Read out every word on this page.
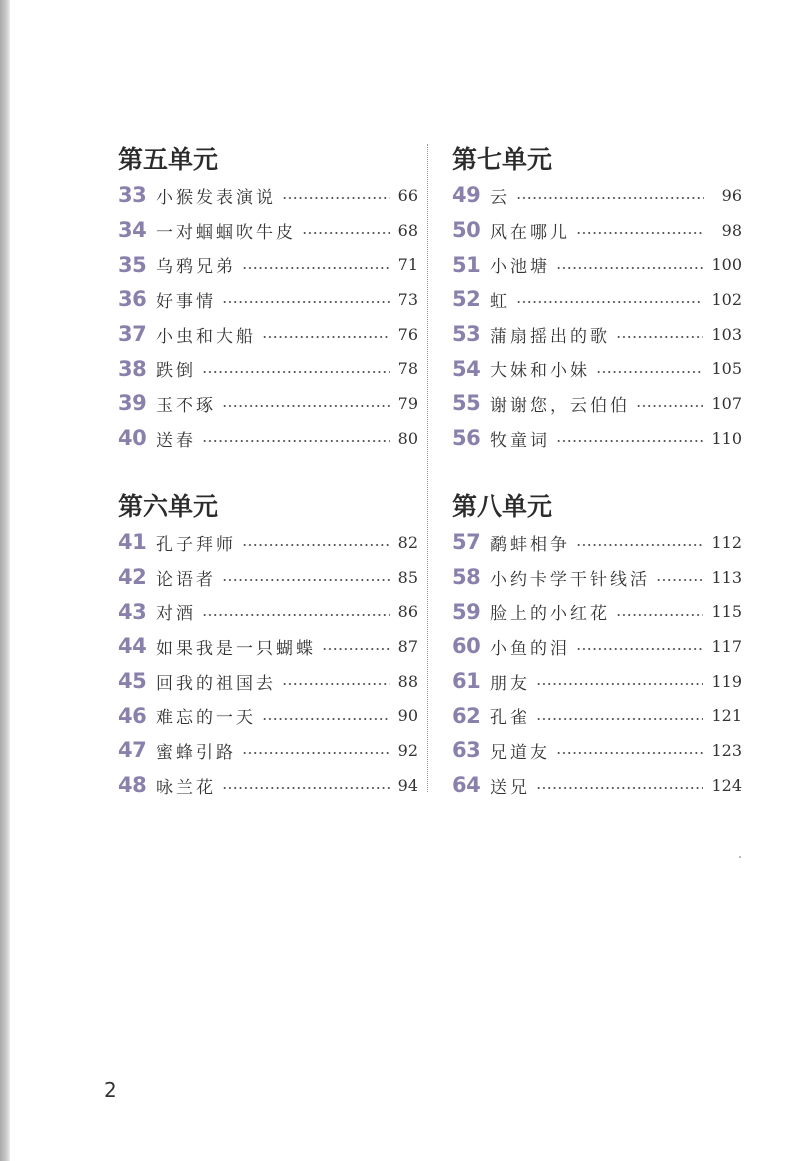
第五单元
33 小猴发表演说	66
34 一对蝈蝈吹牛皮	68
35 乌鸦兄弟	71
36 好事情	73
37 小虫和大船	76
38 跌倒	78
39 玉不琢	79
40 送春	80
第六单元
41 孔子拜师	82
42 论语者	85
43 对酒	86
44 如果我是一只蝴蝶	87
45 回我的祖国去	88
46 难忘的一天	90
47 蜜蜂引路	92
48 咏兰花	94
第七单元
49 云	96
50 风在哪儿	98
51 小池塘	100
52 虹	102
53 蒲扇摇出的歌	103
54 大妹和小妹	105
55 谢谢您，云伯伯	107
56 牧童词	110
第八单元
57 鹬蚌相争	112
58 小约卡学干针线活	113
59 脸上的小红花	115
60 小鱼的泪	117
61 朋友	119
62 孔雀	121
63 兄道友	123
64 送兄	124
2
